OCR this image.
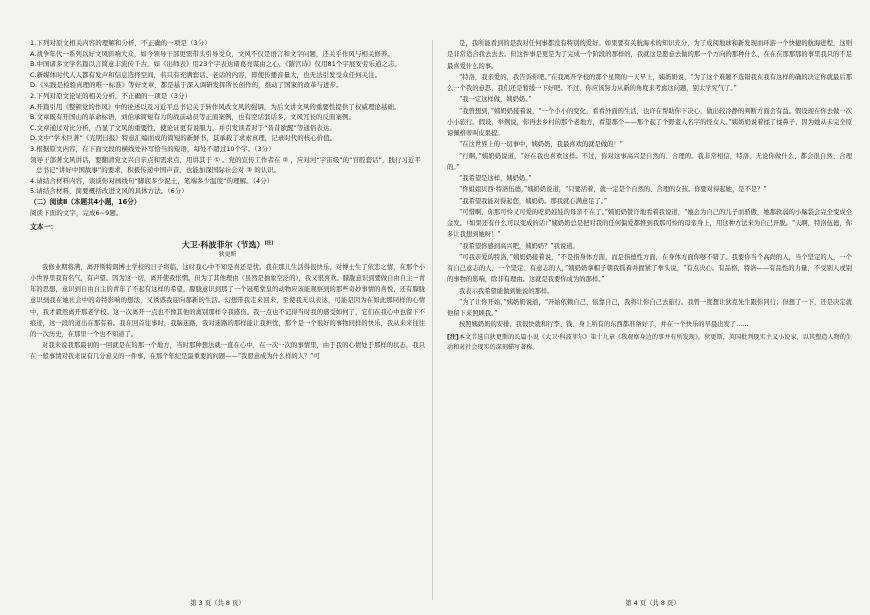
1.下列对原文相关内容的理解和分析，不正确的一项是（3分）

A.战争年代一系列以好文风影响大众，如今领导干部更需带头引导受众，文风不仅是语言和文字问题，还关乎作风与相关修养。

B.中国诸多文学名篇以言简意丰流传千古，如《出师表》用23个字表达诸葛亮谋由之心，《隋宫诗》仅用81个字展安劳乐道之志。

C.新媒体时代人人都有发声和信息选择空间，若只有充满套话、老话的内容，即使传播音量大，也无法引发受众任何关注。

D.《实践是检验真理的唯一标准》等好文章，都是基于深入调研发挥所长创作的，推动了国家的改革与进步。

2.下列对原文论证的相关分析，不正确的一项是（3分）

A.开篇引用《整顿党的作风》中的论述以及习近平总书记关于转作风改文风的强调，为后文讲文风的重要性提供了权威理论基础。

B.文章既有开国山的革命标语，刘伯承简短有力的战前动员等正面案例，也有空话套话多，文风冗长的反面案例。

C.文章通过对比分析，凸显了文风的重要性，使论证更有说服力，并引发读者对于“昔昔欲醒”等通俗表达。

D.文中“学术巨著”《光明日报》特意汇编而成的简短的新鲜书，其承载了求索真理，记录时代的核心价值。

3.根据原文内容，在下面文段的横线处补写恰当的短语，每处不超过10个字。（3分）

领导干部著文风讲话，要翻清党文兴自亲点和需求点，用讲其于 ① 。党的宣传工作者在 ② ，应对河“宇宙级”的“官腔套话”，践行习近平总书记“讲好中国故事”的要求，积极传递中国声音，也能加深国际社会对 ③ 的认识。

4.请结合材料内容，谈谈你对画线句“脚底多少泥土，笔端多少温度”的理解。（4分）

5.请结合材料，简要概括改进文风的具体方法。（6分）

（二）阅读Ⅱ（本题共4小题，16分）

阅读下面的文字，完成6~9题。

文本一：

大卫·科波菲尔（节选）[注]

狄更斯

我修业期将满，离开斯特朗博士学校的日子将临，这时我心中不知是喜还是忧。我在那儿生活得很快乐，对博士生了依恋之情，在那个小小世界里我有名气，有声望。因为这一切，离开使我怅惘。但为了其他理由（虽然是抽象空泛的），我又很喜欢。朦胧意识到要做自由自主一青年的思想，意识到自由自主的青年了不起有这样的希望，朦胧意识到那了一个冠冕堂皇的动物应该能观察到的那些奇妙事情的喜悦，还有朦胧意识到我在她社会中的奇特影响的想法，又诱惑我迎向那新的生活。幻想带我走来回来，至使我无以表达，可能是因为在如此那同样的心情中，我才毅然离开那老学校。这一次离开一点也不像其他的离别那样令我感伤。我一点也不记得当时我的感受如何了，它们在我心中也留下不痕迹，这一段的道出在那有着。我在回首往事时，我脑迷路，我对迷路的那样能让我担忧，那个是一个很好的事物同样的快乐，我从来来往往的一次历史，在那里一个也不知道了。

对我来说我那最初的一回就是在的那一个地方，当时那种想法就一直在心中，在一次一次的事情里，由于我的心情处于那样的状态，我只在一般事情对我来说有几分意义的一件事，在那个年纪是最重要的问题——“我愿意成为什么样的人？”可

第 3 页（共 8 页）

是，我所能看到的是我对任何事都没有特别的爱好。如果要有关航海术的知识充分，为了成阅地球和新发现而环游一个快捷的航海进程，这则是非常适合我去去去。但这件事是更是为了完成一个阶段的那样的，我就这是愿意去做的那一个方向的那种什么，在在在那那那的事里我只的不足最喜爱什么的事。

“特洛，我亲爱的，我告诉你吧。”在我离开学校的那个星期的一天早上，姨奶奶说，“为了这个难题不选错我在我有这样的确的决定你就最后那么一个我的意思，我们还是暂缓一下好吧。不过，你应该努力从新的角度来考虑这问题，别太学究气了。”

“我一定这样做，姨奶奶。”

“我曾想到，”姨奶奶接着说，“一个小小的变化，看看外面的生活，也许在帮助你下决心，做出较冷静的判断方面会有益。假设现在你去做一次小小旅行。假设，举例说，你再去乡村的那个老地方，看望那个——那个起了个野蛮人名字的怪女人。”姨奶奶说着揉了揉鼻子，因为她从未完全原谅佩格蒂叫皮果提。

“在这世界上的一切事中，姨奶奶，我最喜欢的就是做的！”

“行啊，”姨奶奶说道，“好在我也喜欢这样。不过，你对这事高兴是自然的、合理的。我非常相信，特洛，无论你做什么，都会很自然、合理的。”

“我希望是这样，姨奶奶。”

“你姐姐贝西·特洛伍德，”姨奶奶说道，“只要活着，就一定是个自然的、合理的女孩。你要对得起她，是不是？”

“我希望我能对得起您，姨奶奶。那我就心满意足了。”

“可惜啊，你那可怜又可爱的吃奶娃娃的母亲不在了。”姨奶奶赞许地看着我说道，“她会为自己的儿子而骄傲，她那软弱的小脑袋会完全变成全金发。（如果还有什么可以变成的话）”姨奶奶总是把对我的任何偏爱都推到我那可怜的母亲身上，用这种方法来为自己开脱。“天啊，特洛伍德，你多让我想到她呀！”

“我希望你感到高兴吧，姨奶奶？”我说道。

“可我亲爱的特洛，”姨奶奶接着说，“不是指身体方面，而是指德性方面，在身体方面你够不错了。我要你当个高尚的人，当个坚定的人，一个有自己意志的人，一个坚定、有意志的人，”姨奶奶拿帽子朝我摇着并握紧了拳头说，“有点决心。有品格，特洛——有品性的力量，不受别人或别的事物的影响，除非有理由。这就是我要你成为的那样。”

我表示我希望能做到她说的那样。

“为了让你开始，”姨奶奶说道，“开始依赖自己，依靠自己，我将让你自己去旅行。我曾一度想让狄克先生跟你同行；但想了一下，还是决定就他留下来照顾我。”

按照姨奶奶的安排，我很快就和行李、钱、身上所有的东西都准备好了，并在一个快乐的早晨出发了……

[注]本文节选自狄更斯的长篇小说《大卫·科波菲尔》第十九章《我观察身边的事并有所发现》。狄更斯，英国批判现实主义小说家，以其塑造人物的生动和对社会现实的深刻描写著称。

第 4 页（共 8 页）
